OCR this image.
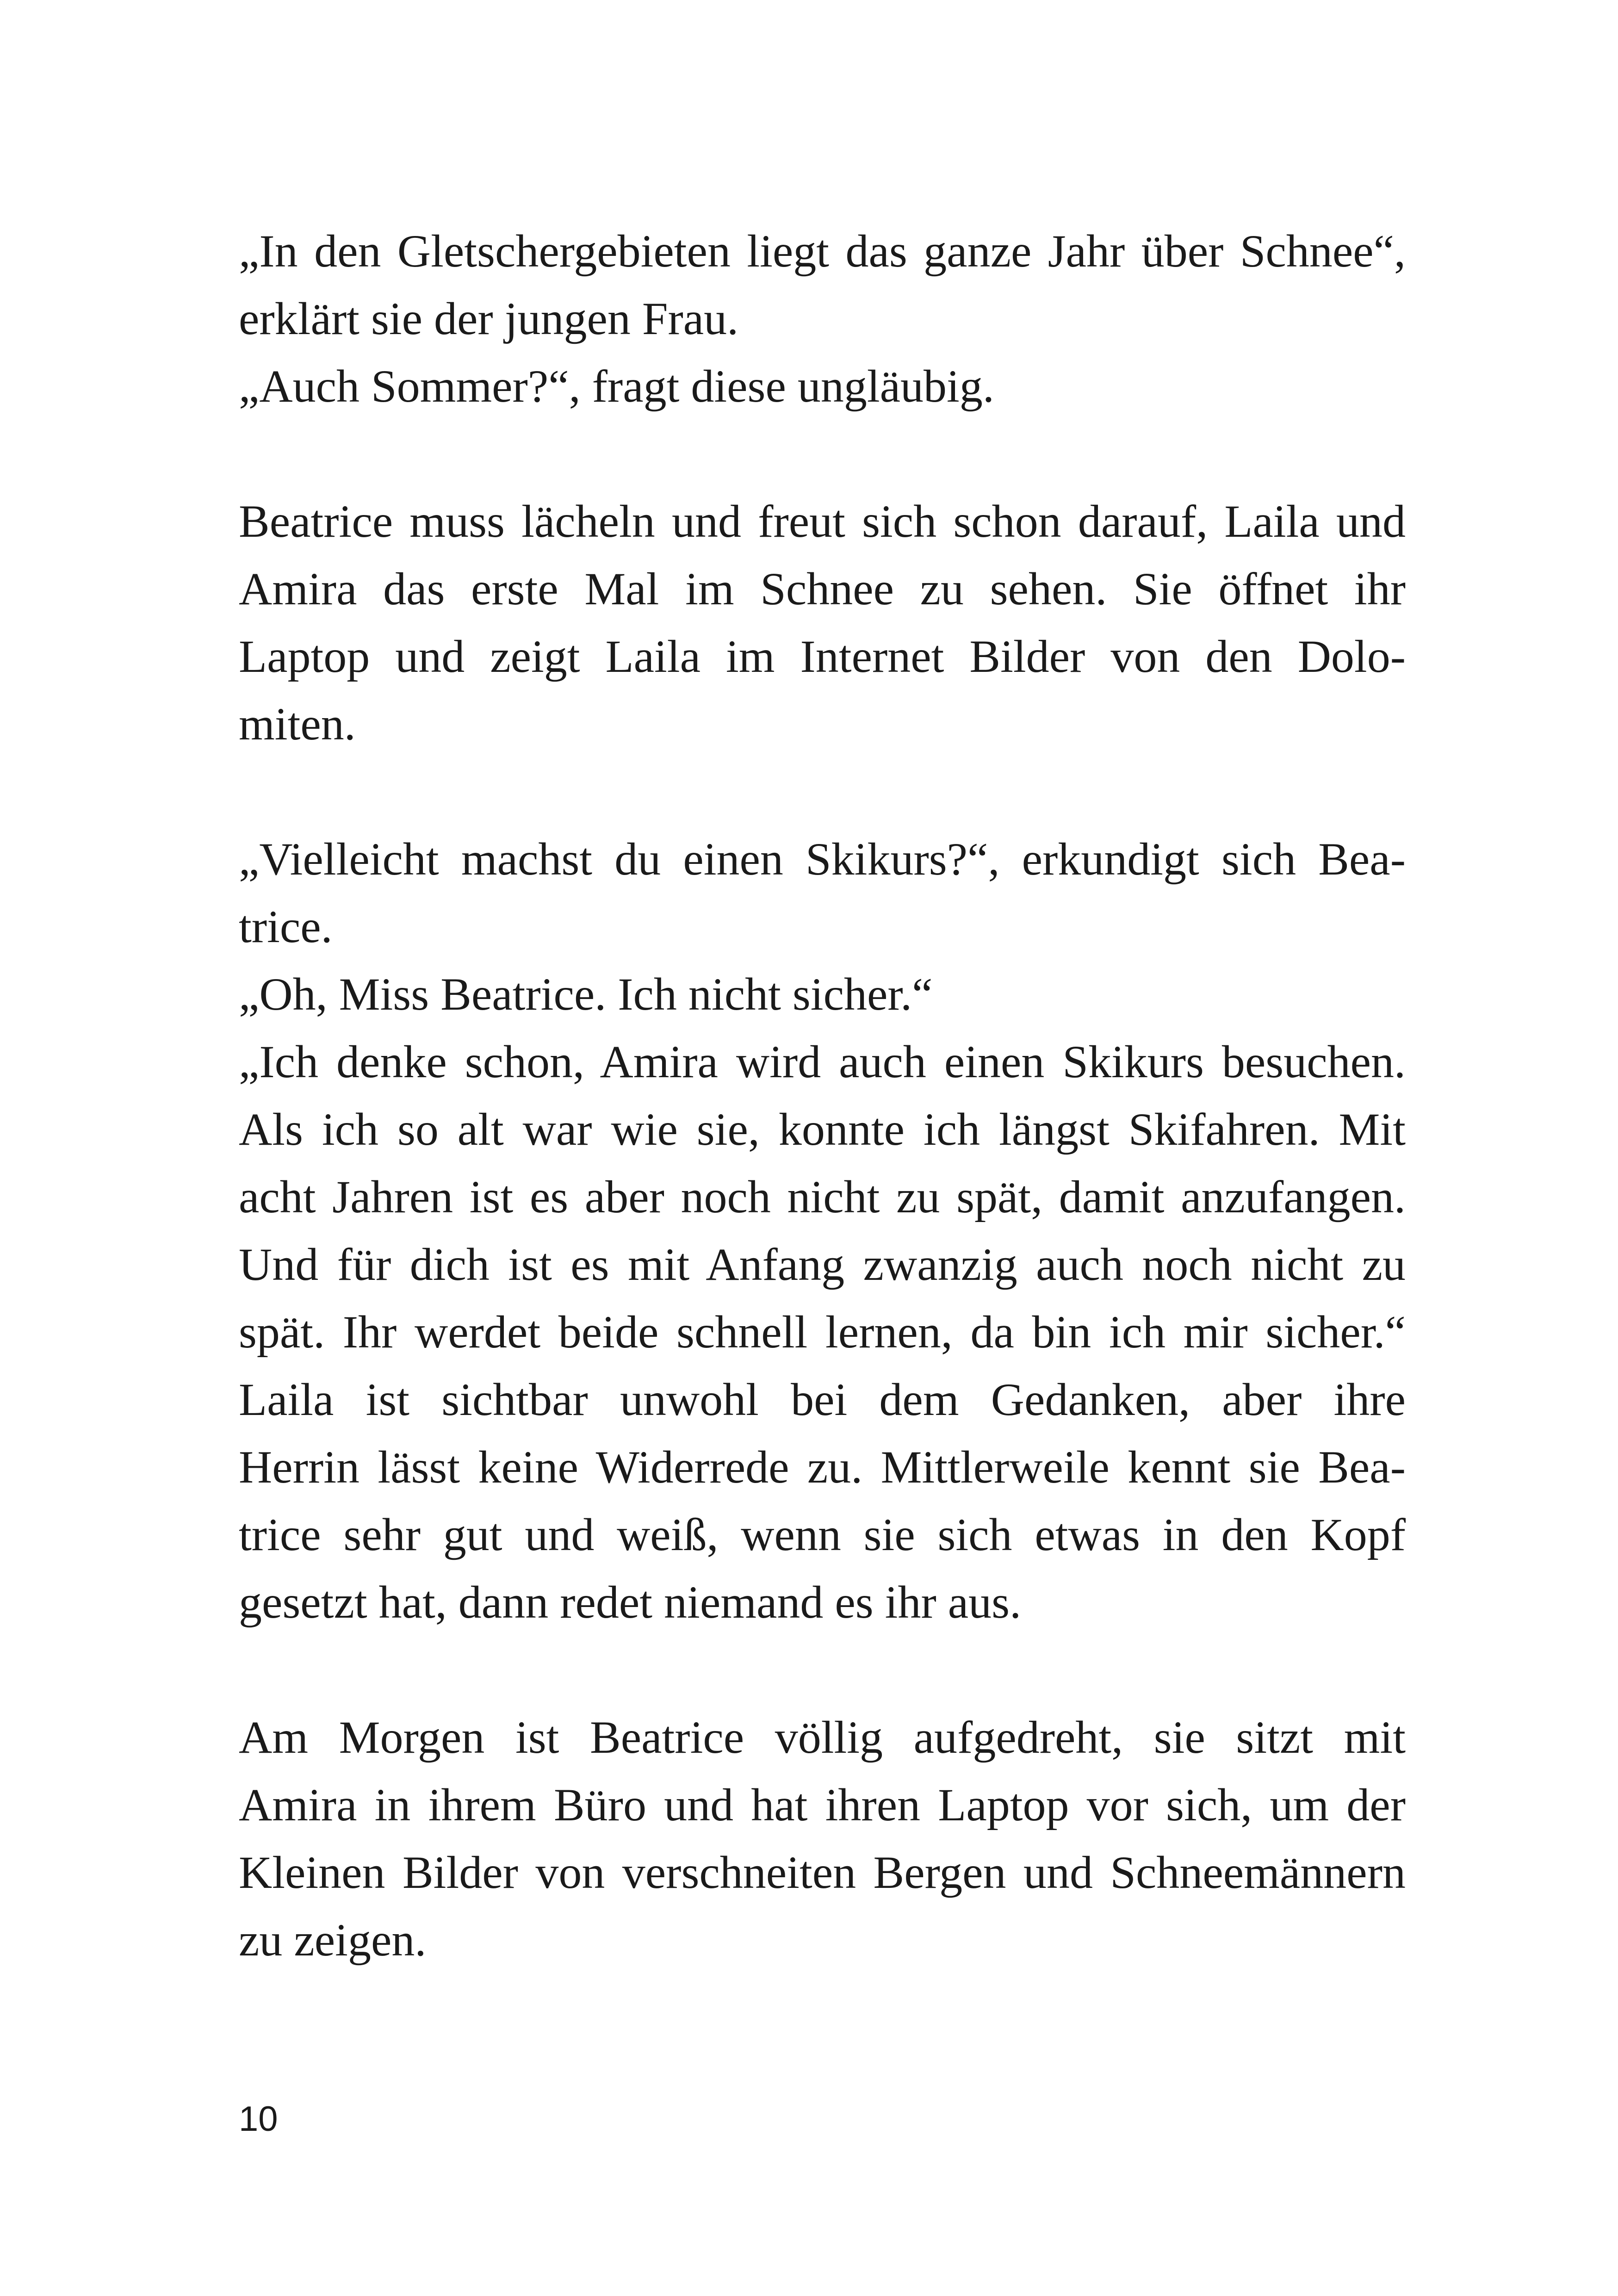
„In den Gletschergebieten liegt das ganze Jahr über Schnee“,
erklärt sie der jungen Frau.
„Auch Sommer?“, fragt diese ungläubig.
Beatrice muss lächeln und freut sich schon darauf, Laila und
Amira das erste Mal im Schnee zu sehen. Sie öffnet ihr
Laptop und zeigt Laila im Internet Bilder von den Dolo-
miten.
„Vielleicht machst du einen Skikurs?“, erkundigt sich Bea-
trice.
„Oh, Miss Beatrice. Ich nicht sicher.“
„Ich denke schon, Amira wird auch einen Skikurs besuchen.
Als ich so alt war wie sie, konnte ich längst Skifahren. Mit
acht Jahren ist es aber noch nicht zu spät, damit anzufangen.
Und für dich ist es mit Anfang zwanzig auch noch nicht zu
spät. Ihr werdet beide schnell lernen, da bin ich mir sicher.“
Laila ist sichtbar unwohl bei dem Gedanken, aber ihre
Herrin lässt keine Widerrede zu. Mittlerweile kennt sie Bea-
trice sehr gut und weiß, wenn sie sich etwas in den Kopf
gesetzt hat, dann redet niemand es ihr aus.
Am Morgen ist Beatrice völlig aufgedreht, sie sitzt mit
Amira in ihrem Büro und hat ihren Laptop vor sich, um der
Kleinen Bilder von verschneiten Bergen und Schneemännern
zu zeigen.
10
